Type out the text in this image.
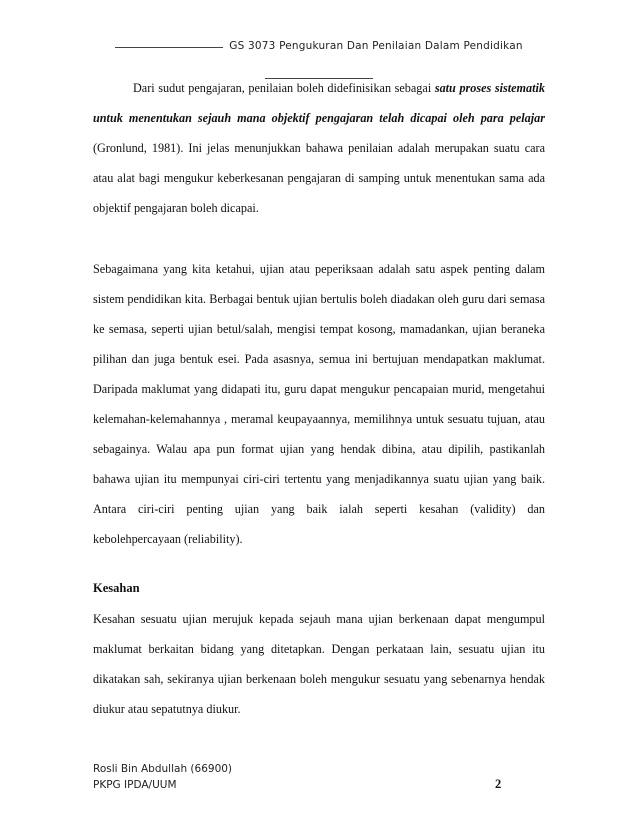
GS 3073 Pengukuran Dan Penilaian Dalam Pendidikan

Dari sudut pengajaran, penilaian boleh didefinisikan sebagai satu proses sistematik untuk menentukan sejauh mana objektif pengajaran telah dicapai oleh para pelajar (Gronlund, 1981). Ini jelas menunjukkan bahawa penilaian adalah merupakan suatu cara atau alat bagi mengukur keberkesanan pengajaran di samping untuk menentukan sama ada objektif pengajaran boleh dicapai.

Sebagaimana yang kita ketahui, ujian atau peperiksaan adalah satu aspek penting dalam sistem pendidikan kita. Berbagai bentuk ujian bertulis boleh diadakan oleh guru dari semasa ke semasa, seperti ujian betul/salah, mengisi tempat kosong, mamadankan, ujian beraneka pilihan dan juga bentuk esei. Pada asasnya, semua ini bertujuan mendapatkan maklumat. Daripada maklumat yang didapati itu, guru dapat mengukur pencapaian murid, mengetahui kelemahan-kelemahannya , meramal keupayaannya, memilihnya untuk sesuatu tujuan, atau sebagainya. Walau apa pun format ujian yang hendak dibina, atau dipilih, pastikanlah bahawa ujian itu mempunyai ciri-ciri tertentu yang menjadikannya suatu ujian yang baik. Antara ciri-ciri penting ujian yang baik ialah seperti kesahan (validity) dan kebolehpercayaan (reliability).

Kesahan

Kesahan sesuatu ujian merujuk kepada sejauh mana ujian berkenaan dapat mengumpul maklumat berkaitan bidang yang ditetapkan. Dengan perkataan lain, sesuatu ujian itu dikatakan sah, sekiranya ujian berkenaan boleh mengukur sesuatu yang sebenarnya hendak diukur atau sepatutnya diukur.

Rosli Bin Abdullah (66900)
PKPG IPDA/UUM	2
